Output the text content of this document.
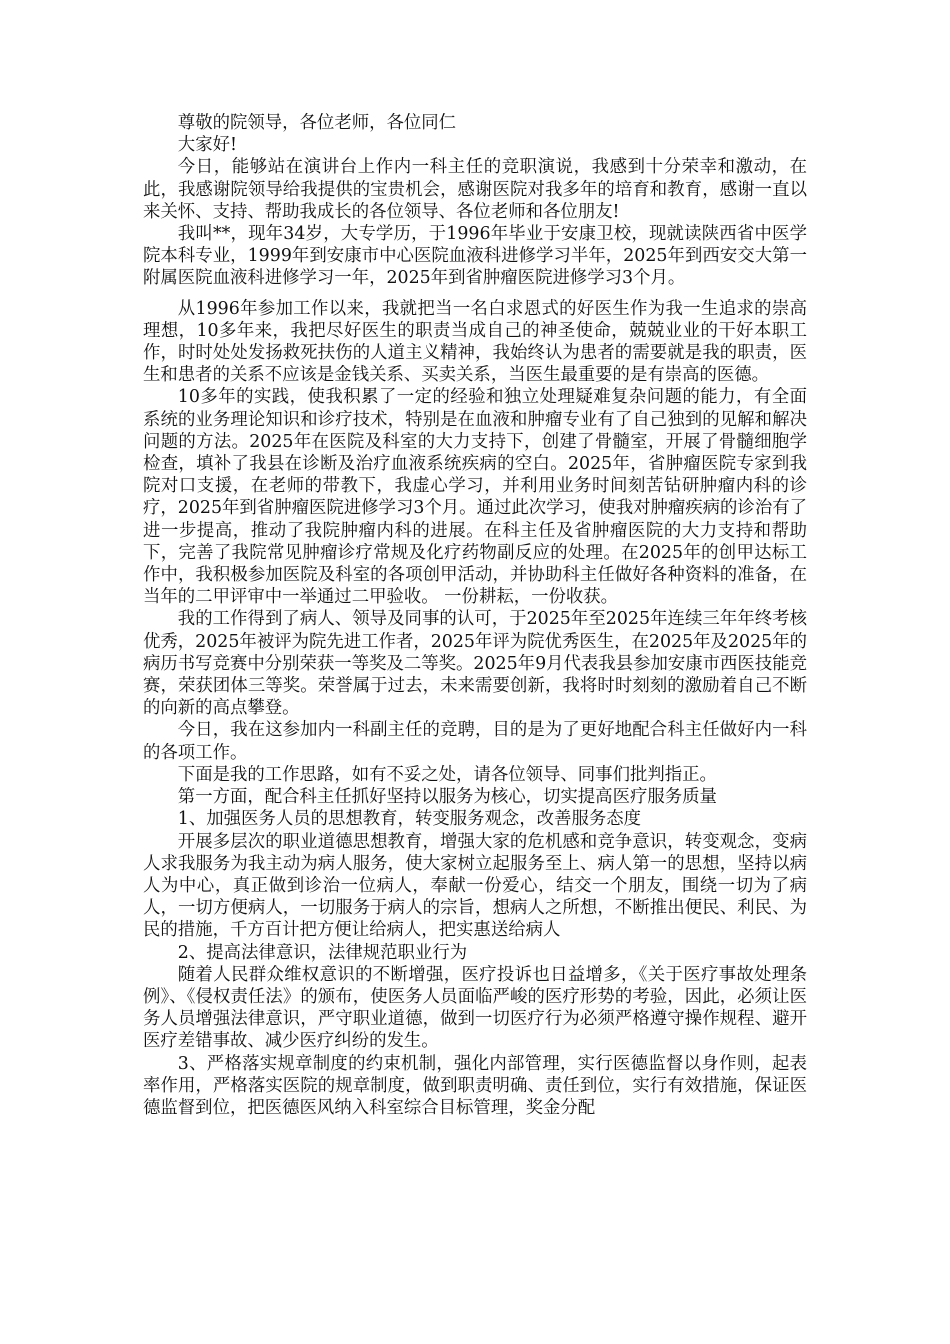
尊敬的院领导，各位老师，各位同仁

大家好!

今日，能够站在演讲台上作内一科主任的竞职演说，我感到十分荣幸和激动，在此，我感谢院领导给我提供的宝贵机会，感谢医院对我多年的培育和教育，感谢一直以来关怀、支持、帮助我成长的各位领导、各位老师和各位朋友!

我叫**，现年34岁，大专学历，于1996年毕业于安康卫校，现就读陕西省中医学院本科专业，1999年到安康市中心医院血液科进修学习半年，2025年到西安交大第一附属医院血液科进修学习一年，2025年到省肿瘤医院进修学习3个月。

从1996年参加工作以来，我就把当一名白求恩式的好医生作为我一生追求的崇高理想，10多年来，我把尽好医生的职责当成自己的神圣使命，兢兢业业的干好本职工作，时时处处发扬救死扶伤的人道主义精神，我始终认为患者的需要就是我的职责，医生和患者的关系不应该是金钱关系、买卖关系，当医生最重要的是有崇高的医德。

10多年的实践，使我积累了一定的经验和独立处理疑难复杂问题的能力，有全面系统的业务理论知识和诊疗技术，特别是在血液和肿瘤专业有了自己独到的见解和解决问题的方法。2025年在医院及科室的大力支持下，创建了骨髓室，开展了骨髓细胞学检查，填补了我县在诊断及治疗血液系统疾病的空白。2025年，省肿瘤医院专家到我院对口支援，在老师的带教下，我虚心学习，并利用业务时间刻苦钻研肿瘤内科的诊疗，2025年到省肿瘤医院进修学习3个月。通过此次学习，使我对肿瘤疾病的诊治有了进一步提高，推动了我院肿瘤内科的进展。在科主任及省肿瘤医院的大力支持和帮助下，完善了我院常见肿瘤诊疗常规及化疗药物副反应的处理。在2025年的创甲达标工作中，我积极参加医院及科室的各项创甲活动，并协助科主任做好各种资料的准备，在当年的二甲评审中一举通过二甲验收。 一份耕耘，一份收获。

我的工作得到了病人、领导及同事的认可，于2025年至2025年连续三年年终考核优秀，2025年被评为院先进工作者，2025年评为院优秀医生，在2025年及2025年的病历书写竞赛中分别荣获一等奖及二等奖。2025年9月代表我县参加安康市西医技能竞赛，荣获团体三等奖。荣誉属于过去，未来需要创新，我将时时刻刻的激励着自己不断的向新的高点攀登。

今日，我在这参加内一科副主任的竞聘，目的是为了更好地配合科主任做好内一科的各项工作。

下面是我的工作思路，如有不妥之处，请各位领导、同事们批判指正。

第一方面，配合科主任抓好坚持以服务为核心，切实提高医疗服务质量

1、加强医务人员的思想教育，转变服务观念，改善服务态度

开展多层次的职业道德思想教育，增强大家的危机感和竞争意识，转变观念，变病人求我服务为我主动为病人服务，使大家树立起服务至上、病人第一的思想，坚持以病人为中心，真正做到诊治一位病人，奉献一份爱心，结交一个朋友，围绕一切为了病人，一切方便病人，一切服务于病人的宗旨，想病人之所想，不断推出便民、利民、为民的措施，千方百计把方便让给病人，把实惠送给病人

2、提高法律意识，法律规范职业行为

随着人民群众维权意识的不断增强，医疗投诉也日益增多，《关于医疗事故处理条例》、《侵权责任法》的颁布，使医务人员面临严峻的医疗形势的考验，因此，必须让医务人员增强法律意识，严守职业道德，做到一切医疗行为必须严格遵守操作规程、避开医疗差错事故、减少医疗纠纷的发生。

3、严格落实规章制度的约束机制，强化内部管理，实行医德监督以身作则，起表率作用，严格落实医院的规章制度，做到职责明确、责任到位，实行有效措施，保证医德监督到位，把医德医风纳入科室综合目标管理，奖金分配
